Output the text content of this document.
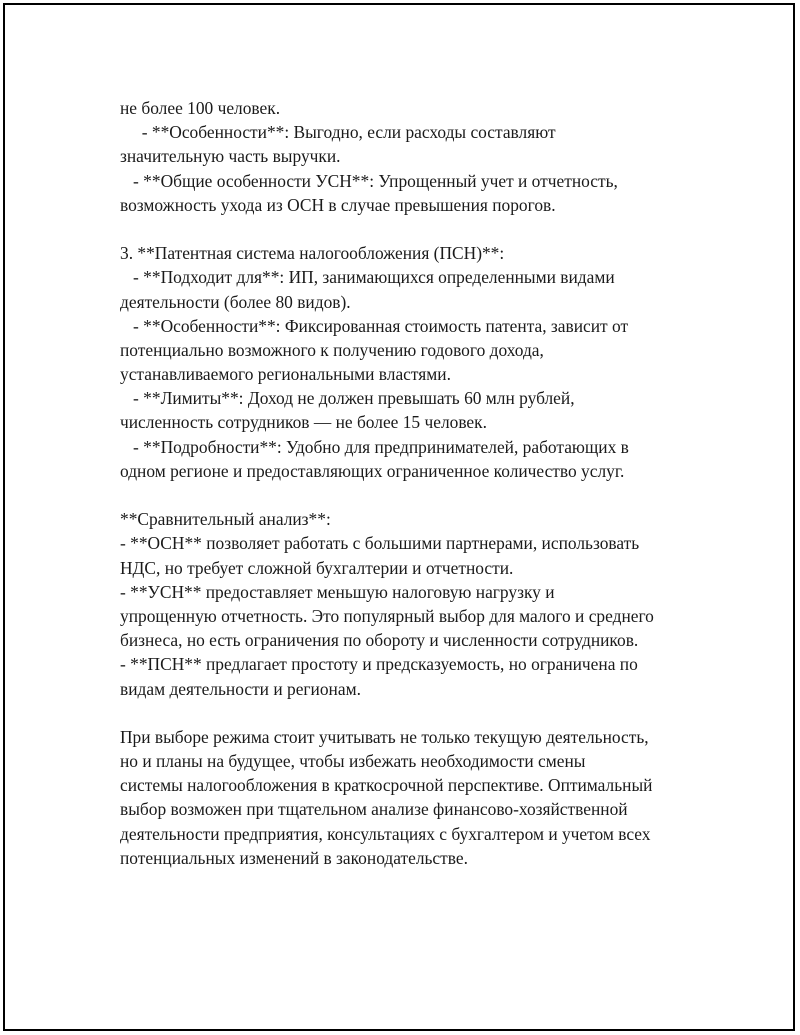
не более 100 человек.
- **Особенности**: Выгодно, если расходы составляют
значительную часть выручки.
- **Общие особенности УСН**: Упрощенный учет и отчетность,
возможность ухода из ОСН в случае превышения порогов.
3. **Патентная система налогообложения (ПСН)**:
- **Подходит для**: ИП, занимающихся определенными видами
деятельности (более 80 видов).
- **Особенности**: Фиксированная стоимость патента, зависит от
потенциально возможного к получению годового дохода,
устанавливаемого региональными властями.
- **Лимиты**: Доход не должен превышать 60 млн рублей,
численность сотрудников — не более 15 человек.
- **Подробности**: Удобно для предпринимателей, работающих в
одном регионе и предоставляющих ограниченное количество услуг.
**Сравнительный анализ**:
- **ОСН** позволяет работать с большими партнерами, использовать
НДС, но требует сложной бухгалтерии и отчетности.
- **УСН** предоставляет меньшую налоговую нагрузку и
упрощенную отчетность. Это популярный выбор для малого и среднего
бизнеса, но есть ограничения по обороту и численности сотрудников.
- **ПСН** предлагает простоту и предсказуемость, но ограничена по
видам деятельности и регионам.
При выборе режима стоит учитывать не только текущую деятельность,
но и планы на будущее, чтобы избежать необходимости смены
системы налогообложения в краткосрочной перспективе. Оптимальный
выбор возможен при тщательном анализе финансово-хозяйственной
деятельности предприятия, консультациях с бухгалтером и учетом всех
потенциальных изменений в законодательстве.
